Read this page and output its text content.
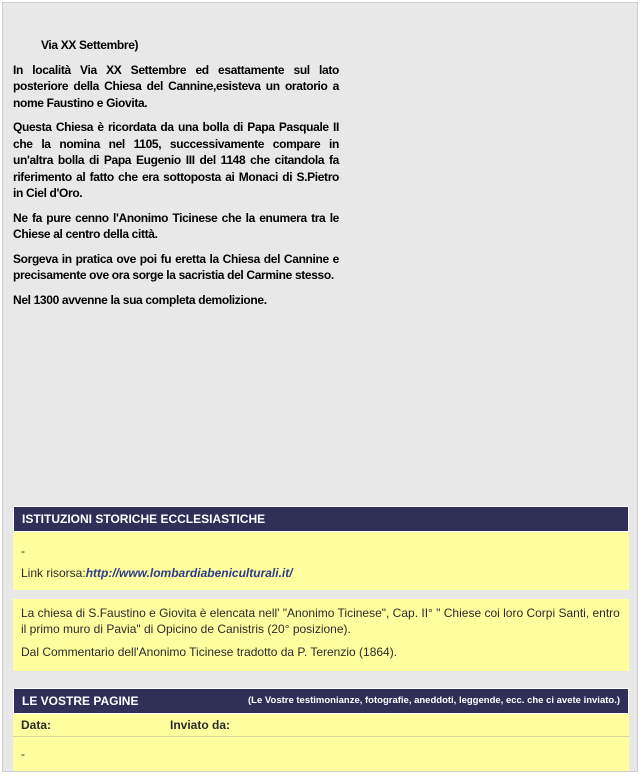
Via XX Settembre)

In località Via XX Settembre ed esattamente sul lato posteriore della Chiesa del Cannine,esisteva un oratorio a nome Faustino e Giovita.

Questa Chiesa è ricordata da una bolla di Papa Pasquale II che la nomina nel 1105, successivamente compare in un'altra bolla di Papa Eugenio III del 1148 che citandola fa riferimento al fatto che era sottoposta ai Monaci di S.Pietro in Ciel d'Oro.

Ne fa pure cenno l'Anonimo Ticinese che la enumera tra le Chiese al centro della città.

Sorgeva in pratica ove poi fu eretta la Chiesa del Cannine e precisamente ove ora sorge la sacristia del Carmine stesso.

Nel 1300 avvenne la sua completa demolizione.

ISTITUZIONI STORICHE ECCLESIASTICHE
-
Link risorsa:http://www.lombardiabeniculturali.it/

La chiesa di S.Faustino e Giovita è elencata nell' "Anonimo Ticinese", Cap. II° " Chiese coi loro Corpi Santi, entro il primo muro di Pavia" di Opicino de Canistris (20° posizione).

Dal Commentario dell'Anonimo Ticinese tradotto da P. Terenzio (1864).

LE VOSTRE PAGINE	(Le Vostre testimonianze, fotografie, aneddoti, leggende, ecc. che ci avete inviato.)
Data:	Inviato da:
-
